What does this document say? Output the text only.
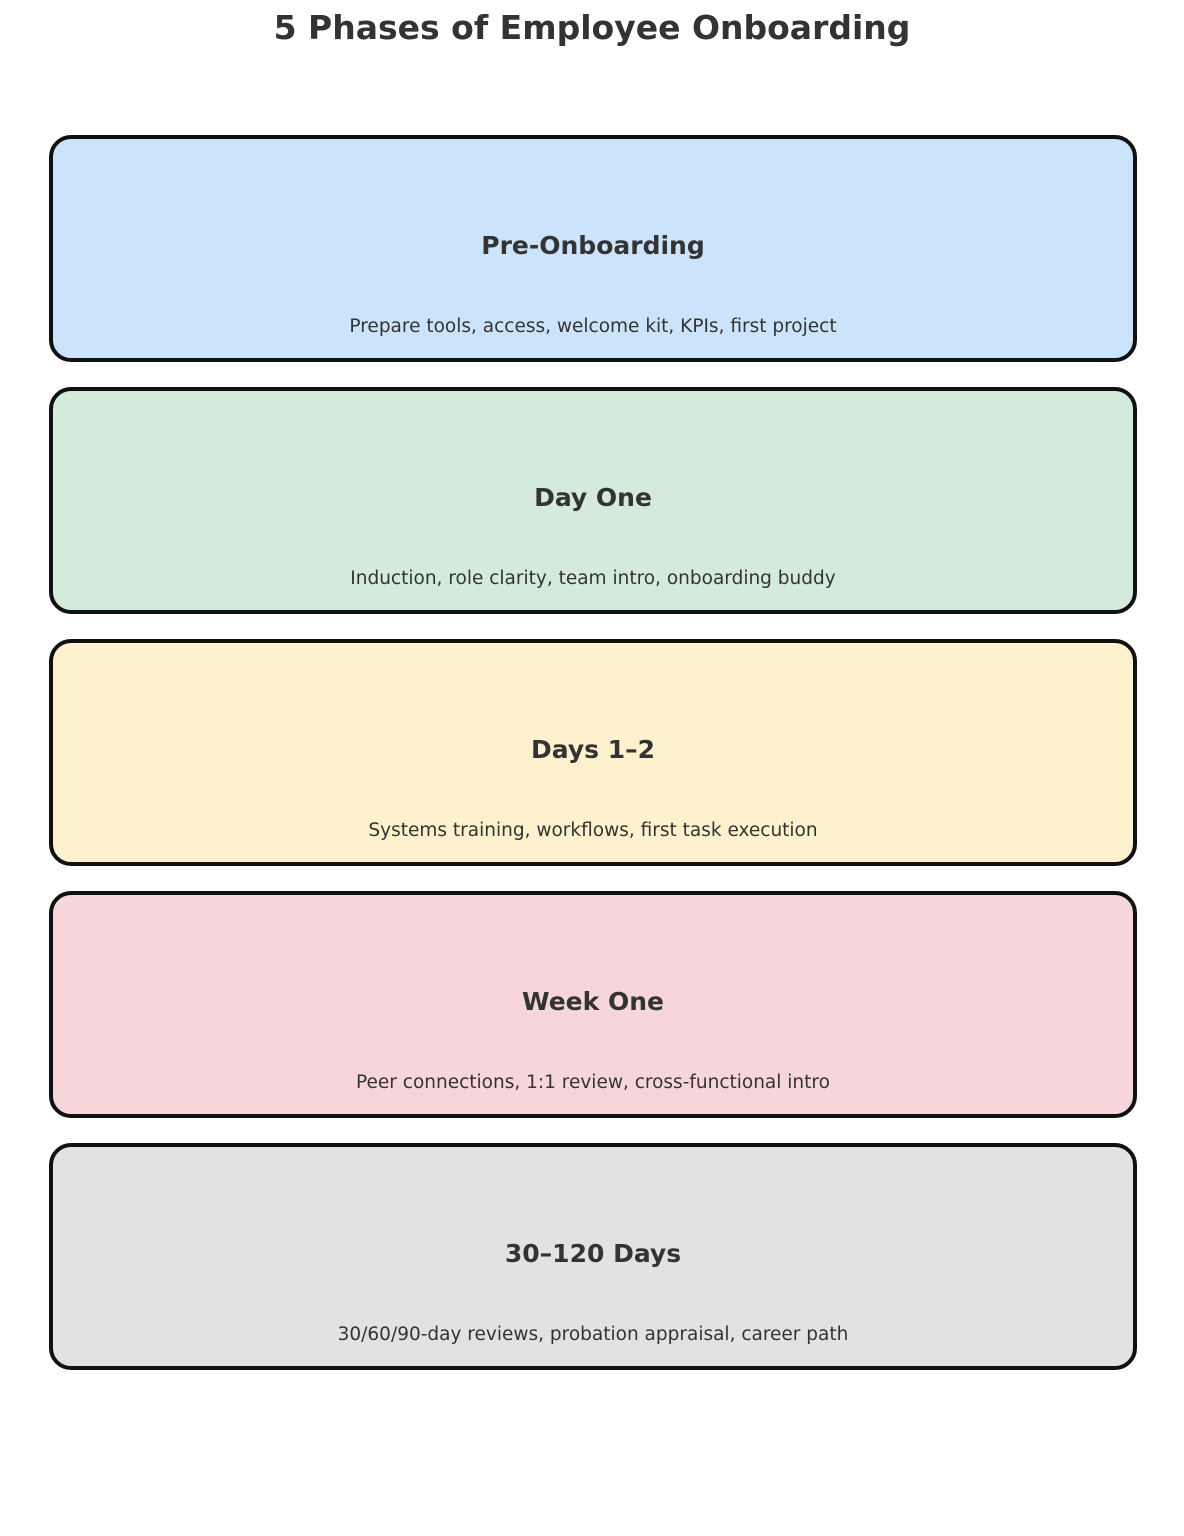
5 Phases of Employee Onboarding
Pre-Onboarding
Prepare tools, access, welcome kit, KPIs, first project
Day One
Induction, role clarity, team intro, onboarding buddy
Days 1–2
Systems training, workflows, first task execution
Week One
Peer connections, 1:1 review, cross-functional intro
30–120 Days
30/60/90-day reviews, probation appraisal, career path
